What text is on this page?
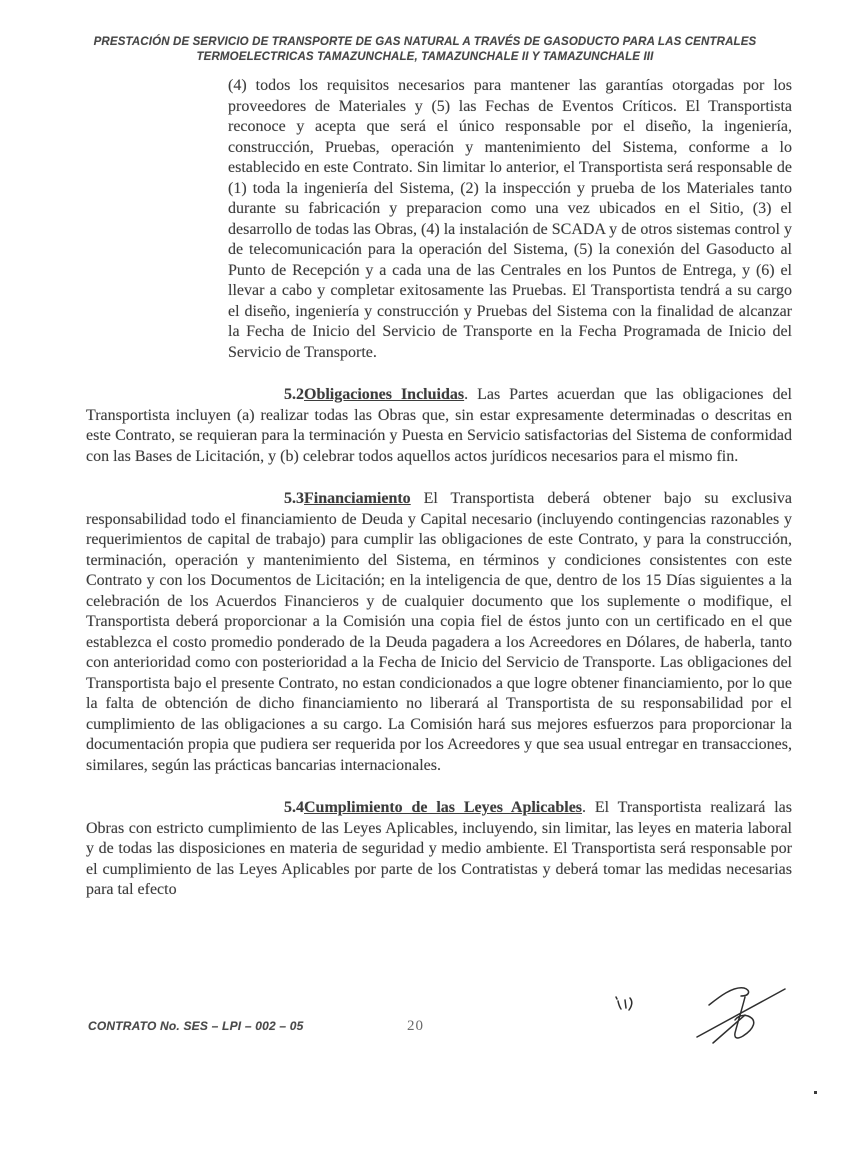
PRESTACIÓN DE SERVICIO DE TRANSPORTE DE GAS NATURAL A TRAVÉS DE GASODUCTO PARA LAS CENTRALES
TERMOELECTRICAS TAMAZUNCHALE, TAMAZUNCHALE II Y TAMAZUNCHALE III

(4) todos los requisitos necesarios para mantener las garantías otorgadas por los proveedores de Materiales y (5) las Fechas de Eventos Críticos. El Transportista reconoce y acepta que será el único responsable por el diseño, la ingeniería, construcción, Pruebas, operación y mantenimiento del Sistema, conforme a lo establecido en este Contrato. Sin limitar lo anterior, el Transportista será responsable de (1) toda la ingeniería del Sistema, (2) la inspección y prueba de los Materiales tanto durante su fabricación y preparacion como una vez ubicados en el Sitio, (3) el desarrollo de todas las Obras, (4) la instalación de SCADA y de otros sistemas control y de telecomunicación para la operación del Sistema, (5) la conexión del Gasoducto al Punto de Recepción y a cada una de las Centrales en los Puntos de Entrega, y (6) el llevar a cabo y completar exitosamente las Pruebas. El Transportista tendrá a su cargo el diseño, ingeniería y construcción y Pruebas del Sistema con la finalidad de alcanzar la Fecha de Inicio del Servicio de Transporte en la Fecha Programada de Inicio del Servicio de Transporte.

5.2Obligaciones Incluidas. Las Partes acuerdan que las obligaciones del Transportista incluyen (a) realizar todas las Obras que, sin estar expresamente determinadas o descritas en este Contrato, se requieran para la terminación y Puesta en Servicio satisfactorias del Sistema de conformidad con las Bases de Licitación, y (b) celebrar todos aquellos actos jurídicos necesarios para el mismo fin.

5.3Financiamiento El Transportista deberá obtener bajo su exclusiva responsabilidad todo el financiamiento de Deuda y Capital necesario (incluyendo contingencias razonables y requerimientos de capital de trabajo) para cumplir las obligaciones de este Contrato, y para la construcción, terminación, operación y mantenimiento del Sistema, en términos y condiciones consistentes con este Contrato y con los Documentos de Licitación; en la inteligencia de que, dentro de los 15 Días siguientes a la celebración de los Acuerdos Financieros y de cualquier documento que los suplemente o modifique, el Transportista deberá proporcionar a la Comisión una copia fiel de éstos junto con un certificado en el que establezca el costo promedio ponderado de la Deuda pagadera a los Acreedores en Dólares, de haberla, tanto con anterioridad como con posterioridad a la Fecha de Inicio del Servicio de Transporte. Las obligaciones del Transportista bajo el presente Contrato, no estan condicionados a que logre obtener financiamiento, por lo que la falta de obtención de dicho financiamiento no liberará al Transportista de su responsabilidad por el cumplimiento de las obligaciones a su cargo. La Comisión hará sus mejores esfuerzos para proporcionar la documentación propia que pudiera ser requerida por los Acreedores y que sea usual entregar en transacciones, similares, según las prácticas bancarias internacionales.

5.4Cumplimiento de las Leyes Aplicables. El Transportista realizará las Obras con estricto cumplimiento de las Leyes Aplicables, incluyendo, sin limitar, las leyes en materia laboral y de todas las disposiciones en materia de seguridad y medio ambiente. El Transportista será responsable por el cumplimiento de las Leyes Aplicables por parte de los Contratistas y deberá tomar las medidas necesarias para tal efecto

CONTRATO No. SES – LPI – 002 – 05	20
